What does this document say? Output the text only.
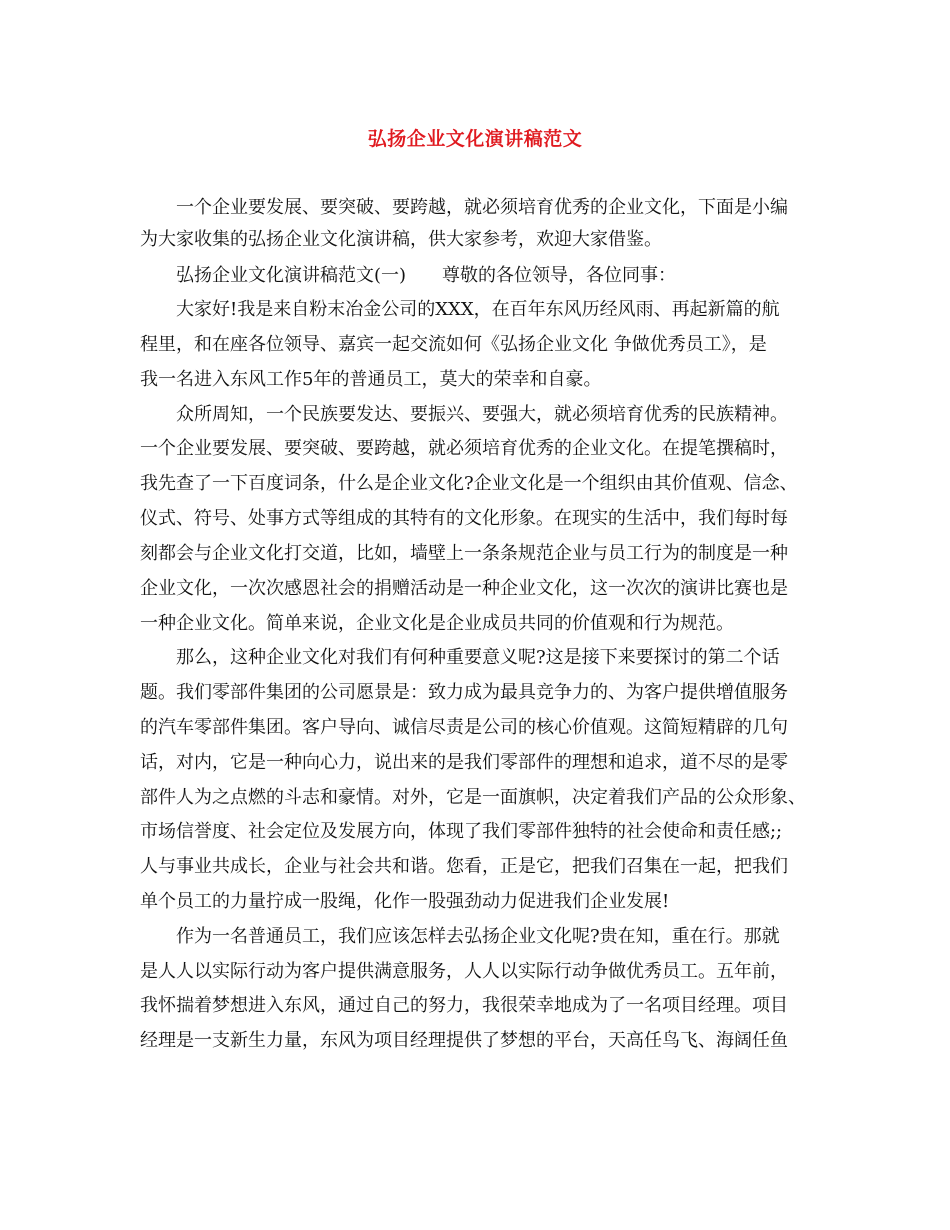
弘扬企业文化演讲稿范文
一个企业要发展、要突破、要跨越，就必须培育优秀的企业文化，下面是小编
为大家收集的弘扬企业文化演讲稿，供大家参考，欢迎大家借鉴。
弘扬企业文化演讲稿范文(一)　　尊敬的各位领导，各位同事：
大家好!我是来自粉末冶金公司的XXX，在百年东风历经风雨、再起新篇的航
程里，和在座各位领导、嘉宾一起交流如何《弘扬企业文化 争做优秀员工》，是
我一名进入东风工作5年的普通员工，莫大的荣幸和自豪。
众所周知，一个民族要发达、要振兴、要强大，就必须培育优秀的民族精神。
一个企业要发展、要突破、要跨越，就必须培育优秀的企业文化。在提笔撰稿时，
我先查了一下百度词条，什么是企业文化?企业文化是一个组织由其价值观、信念、
仪式、符号、处事方式等组成的其特有的文化形象。在现实的生活中，我们每时每
刻都会与企业文化打交道，比如，墙壁上一条条规范企业与员工行为的制度是一种
企业文化，一次次感恩社会的捐赠活动是一种企业文化，这一次次的演讲比赛也是
一种企业文化。简单来说，企业文化是企业成员共同的价值观和行为规范。
那么，这种企业文化对我们有何种重要意义呢?这是接下来要探讨的第二个话
题。我们零部件集团的公司愿景是：致力成为最具竞争力的、为客户提供增值服务
的汽车零部件集团。客户导向、诚信尽责是公司的核心价值观。这简短精辟的几句
话，对内，它是一种向心力，说出来的是我们零部件的理想和追求，道不尽的是零
部件人为之点燃的斗志和豪情。对外，它是一面旗帜，决定着我们产品的公众形象、
市场信誉度、社会定位及发展方向，体现了我们零部件独特的社会使命和责任感;;
人与事业共成长，企业与社会共和谐。您看，正是它，把我们召集在一起，把我们
单个员工的力量拧成一股绳，化作一股强劲动力促进我们企业发展!
作为一名普通员工，我们应该怎样去弘扬企业文化呢?贵在知，重在行。那就
是人人以实际行动为客户提供满意服务，人人以实际行动争做优秀员工。五年前，
我怀揣着梦想进入东风，通过自己的努力，我很荣幸地成为了一名项目经理。项目
经理是一支新生力量，东风为项目经理提供了梦想的平台，天高任鸟飞、海阔任鱼
